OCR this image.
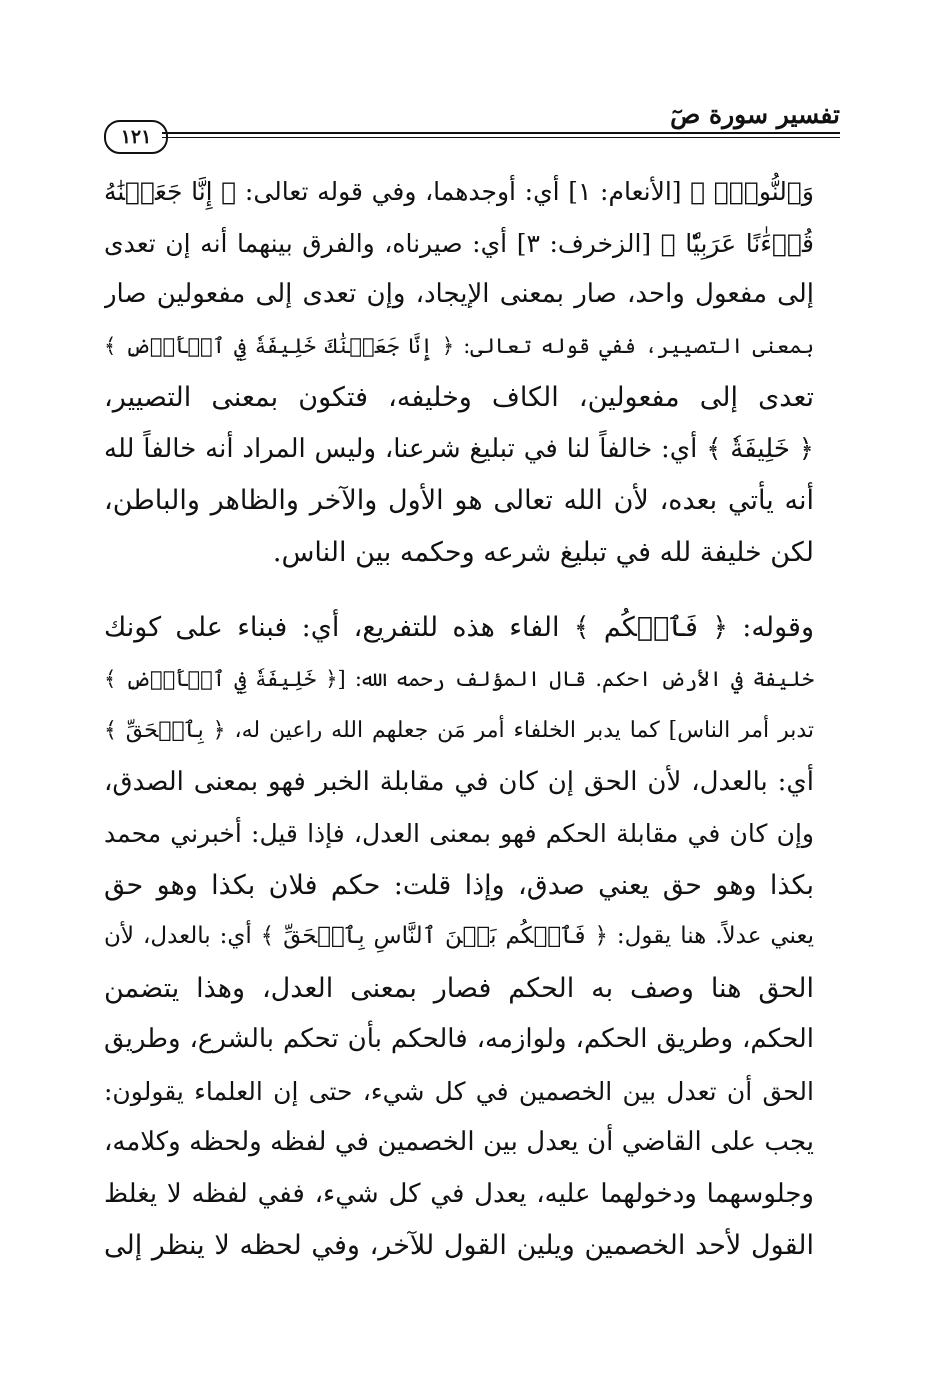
١٢١
تفسير سورة صٓ
وَٱلنُّورَۖ ﴾ [الأنعام: ١] أي: أوجدهما، وفي قوله تعالى: ﴿ إِنَّا جَعَلۡنَٰهُ
قُرۡءَٰنًا عَرَبِيّٗا ﴾ [الزخرف: ٣] أي: صيرناه، والفرق بينهما أنه إن تعدى
إلى مفعول واحد، صار بمعنى الإيجاد، وإن تعدى إلى مفعولين صار
بمعنى التصيير، ففي قوله تعالى: ﴿ إِنَّا جَعَلۡنَٰكَ خَلِيفَةٗ فِي ٱلۡأَرۡضِ ﴾
تعدى إلى مفعولين، الكاف وخليفه، فتكون بمعنى التصيير،
﴿ خَلِيفَةٗ ﴾ أي: خالفاً لنا في تبليغ شرعنا، وليس المراد أنه خالفاً لله
أنه يأتي بعده، لأن الله تعالى هو الأول والآخر والظاهر والباطن،
لكن خليفة لله في تبليغ شرعه وحكمه بين الناس.
وقوله: ﴿ فَٱحۡكُم ﴾ الفاء هذه للتفريع، أي: فبناء على كونك
خليفة في الأرض احكم. قال المؤلف رحمه الله: [﴿ خَلِيفَةٗ فِي ٱلۡأَرۡضِ ﴾
تدبر أمر الناس] كما يدبر الخلفاء أمر مَن جعلهم الله راعين له، ﴿ بِٱلۡحَقِّ ﴾
أي: بالعدل، لأن الحق إن كان في مقابلة الخبر فهو بمعنى الصدق،
وإن كان في مقابلة الحكم فهو بمعنى العدل، فإذا قيل: أخبرني محمد
بكذا وهو حق يعني صدق، وإذا قلت: حكم فلان بكذا وهو حق
يعني عدلاً. هنا يقول: ﴿ فَٱحۡكُم بَيۡنَ ٱلنَّاسِ بِٱلۡحَقِّ ﴾ أي: بالعدل، لأن
الحق هنا وصف به الحكم فصار بمعنى العدل، وهذا يتضمن
الحكم، وطريق الحكم، ولوازمه، فالحكم بأن تحكم بالشرع، وطريق
الحق أن تعدل بين الخصمين في كل شيء، حتى إن العلماء يقولون:
يجب على القاضي أن يعدل بين الخصمين في لفظه ولحظه وكلامه،
وجلوسهما ودخولهما عليه، يعدل في كل شيء، ففي لفظه لا يغلظ
القول لأحد الخصمين ويلين القول للآخر، وفي لحظه لا ينظر إلى
